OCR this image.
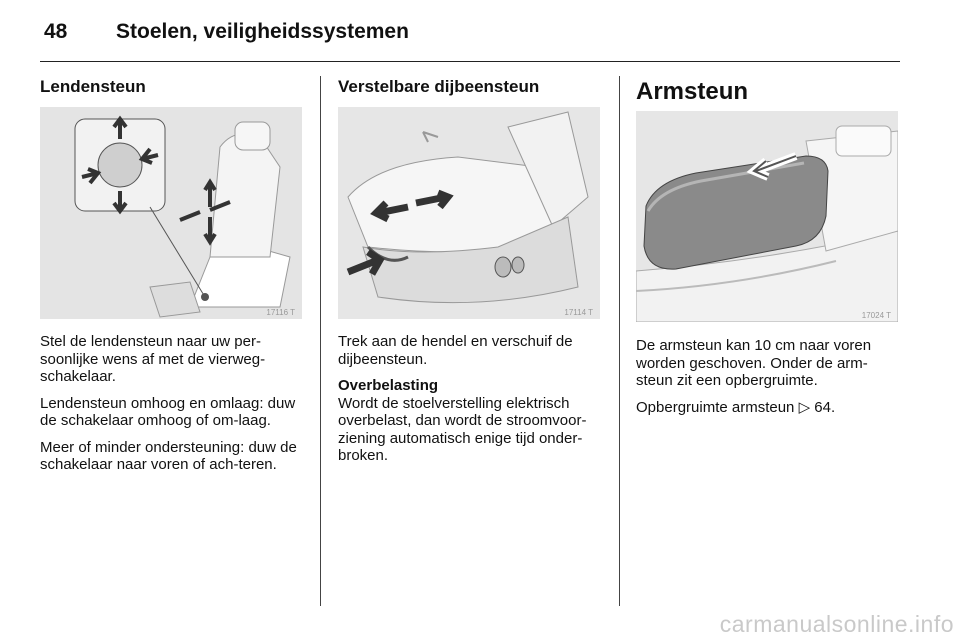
48 Stoelen, veiligheidssystemen
Lendensteun
17116 T

Stel de lendensteun naar uw per-soonlijke wens af met de vierweg-schakelaar.

Lendensteun omhoog en omlaag: duw de schakelaar omhoog of om-laag.

Meer of minder ondersteuning: duw de schakelaar naar voren of ach-teren.

Verstelbare dijbeensteun
17114 T

Trek aan de hendel en verschuif de dijbeensteun.

Overbelasting
Wordt de stoelverstelling elektrisch overbelast, dan wordt de stroomvoor-ziening automatisch enige tijd onder-broken.

Armsteun
17024 T

De armsteun kan 10 cm naar voren worden geschoven. Onder de arm-steun zit een opbergruimte.

Opbergruimte armsteun ▷ 64.

carmanualsonline.info
